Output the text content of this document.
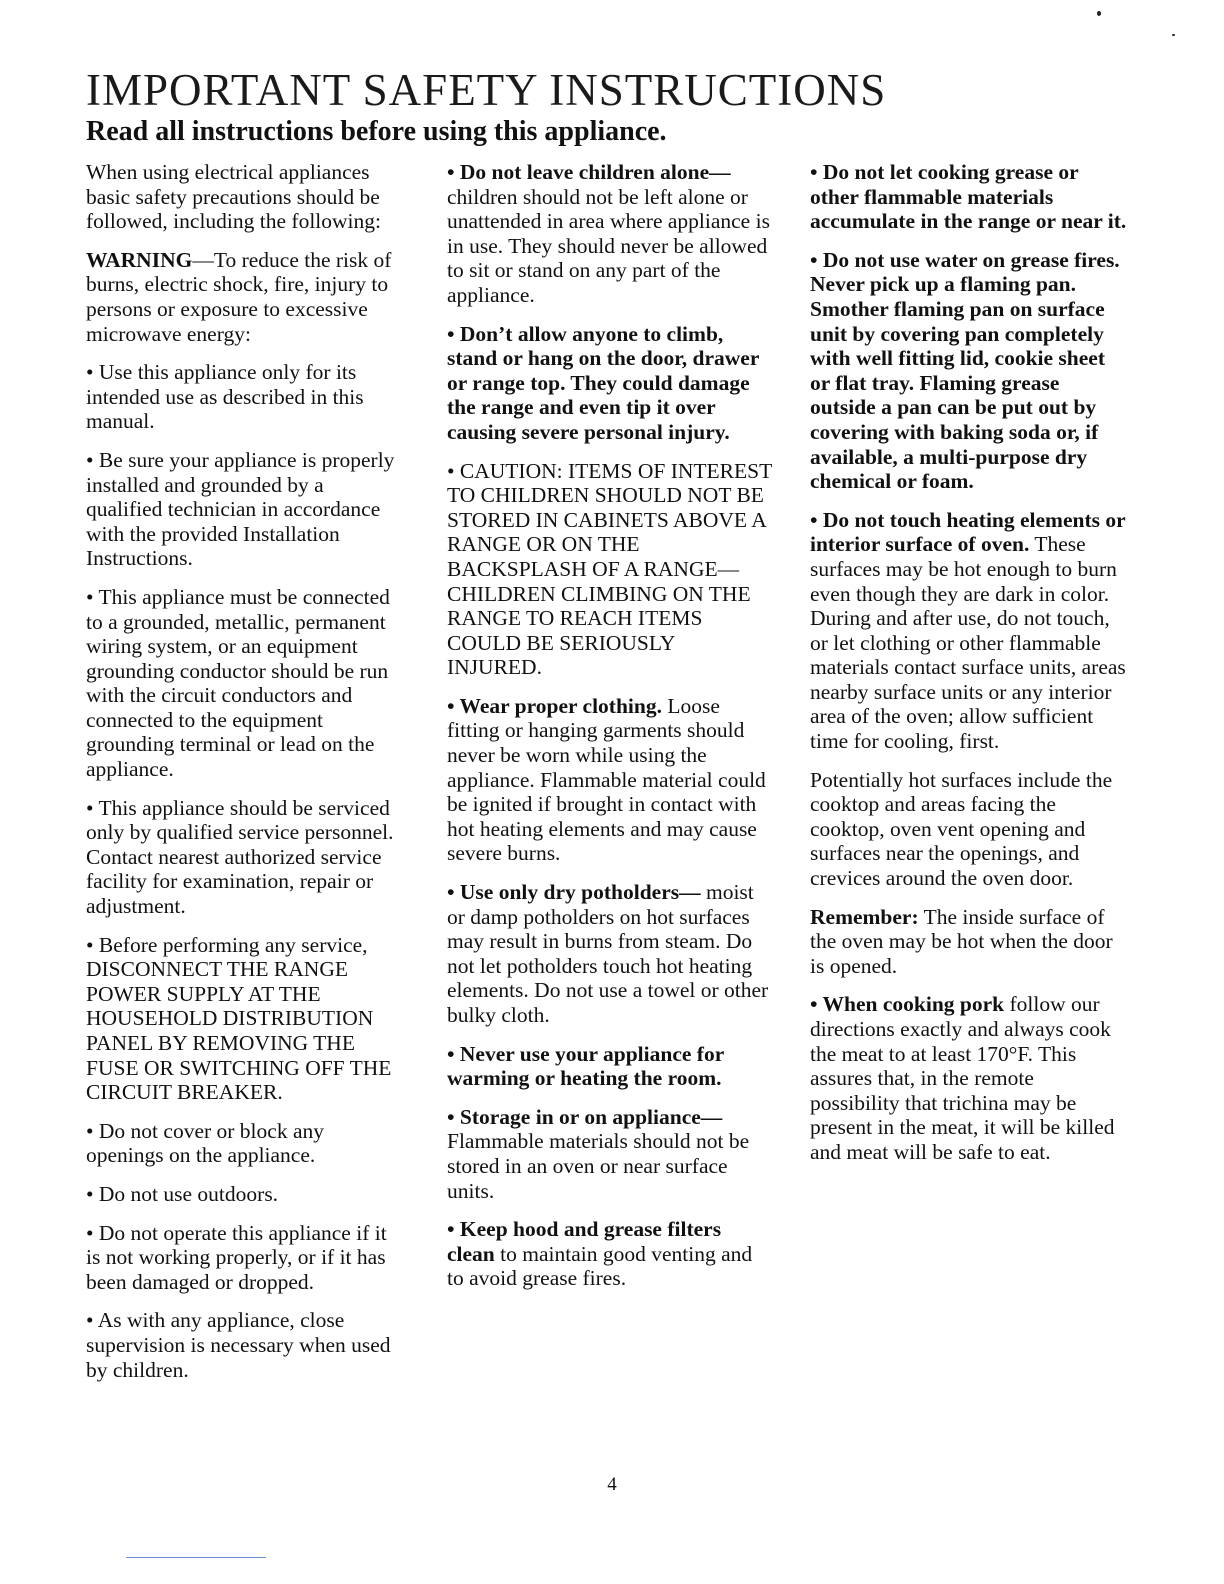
IMPORTANT SAFETY INSTRUCTIONS
Read all instructions before using this appliance.

When using electrical appliances basic safety precautions should be followed, including the following:

WARNING—To reduce the risk of burns, electric shock, fire, injury to persons or exposure to excessive microwave energy:

• Use this appliance only for its intended use as described in this manual.

• Be sure your appliance is properly installed and grounded by a qualified technician in accordance with the provided Installation Instructions.

• This appliance must be connected to a grounded, metallic, permanent wiring system, or an equipment grounding conductor should be run with the circuit conductors and connected to the equipment grounding terminal or lead on the appliance.

• This appliance should be serviced only by qualified service personnel. Contact nearest authorized service facility for examination, repair or adjustment.

• Before performing any service, DISCONNECT THE RANGE POWER SUPPLY AT THE HOUSEHOLD DISTRIBUTION PANEL BY REMOVING THE FUSE OR SWITCHING OFF THE CIRCUIT BREAKER.

• Do not cover or block any openings on the appliance.

• Do not use outdoors.

• Do not operate this appliance if it is not working properly, or if it has been damaged or dropped.

• As with any appliance, close supervision is necessary when used by children.

• Do not leave children alone— children should not be left alone or unattended in area where appliance is in use. They should never be allowed to sit or stand on any part of the appliance.

• Don’t allow anyone to climb, stand or hang on the door, drawer or range top. They could damage the range and even tip it over causing severe personal injury.

• CAUTION: ITEMS OF INTEREST TO CHILDREN SHOULD NOT BE STORED IN CABINETS ABOVE A RANGE OR ON THE BACKSPLASH OF A RANGE— CHILDREN CLIMBING ON THE RANGE TO REACH ITEMS COULD BE SERIOUSLY INJURED.

• Wear proper clothing. Loose fitting or hanging garments should never be worn while using the appliance. Flammable material could be ignited if brought in contact with hot heating elements and may cause severe burns.

• Use only dry potholders— moist or damp potholders on hot surfaces may result in burns from steam. Do not let potholders touch hot heating elements. Do not use a towel or other bulky cloth.

• Never use your appliance for warming or heating the room.

• Storage in or on appliance— Flammable materials should not be stored in an oven or near surface units.

• Keep hood and grease filters clean to maintain good venting and to avoid grease fires.

• Do not let cooking grease or other flammable materials accumulate in the range or near it.

• Do not use water on grease fires. Never pick up a flaming pan. Smother flaming pan on surface unit by covering pan completely with well fitting lid, cookie sheet or flat tray. Flaming grease outside a pan can be put out by covering with baking soda or, if available, a multi-purpose dry chemical or foam.

• Do not touch heating elements or interior surface of oven. These surfaces may be hot enough to burn even though they are dark in color. During and after use, do not touch, or let clothing or other flammable materials contact surface units, areas nearby surface units or any interior area of the oven; allow sufficient time for cooling, first.

Potentially hot surfaces include the cooktop and areas facing the cooktop, oven vent opening and surfaces near the openings, and crevices around the oven door.

Remember: The inside surface of the oven may be hot when the door is opened.

• When cooking pork follow our directions exactly and always cook the meat to at least 170°F. This assures that, in the remote possibility that trichina may be present in the meat, it will be killed and meat will be safe to eat.

4
